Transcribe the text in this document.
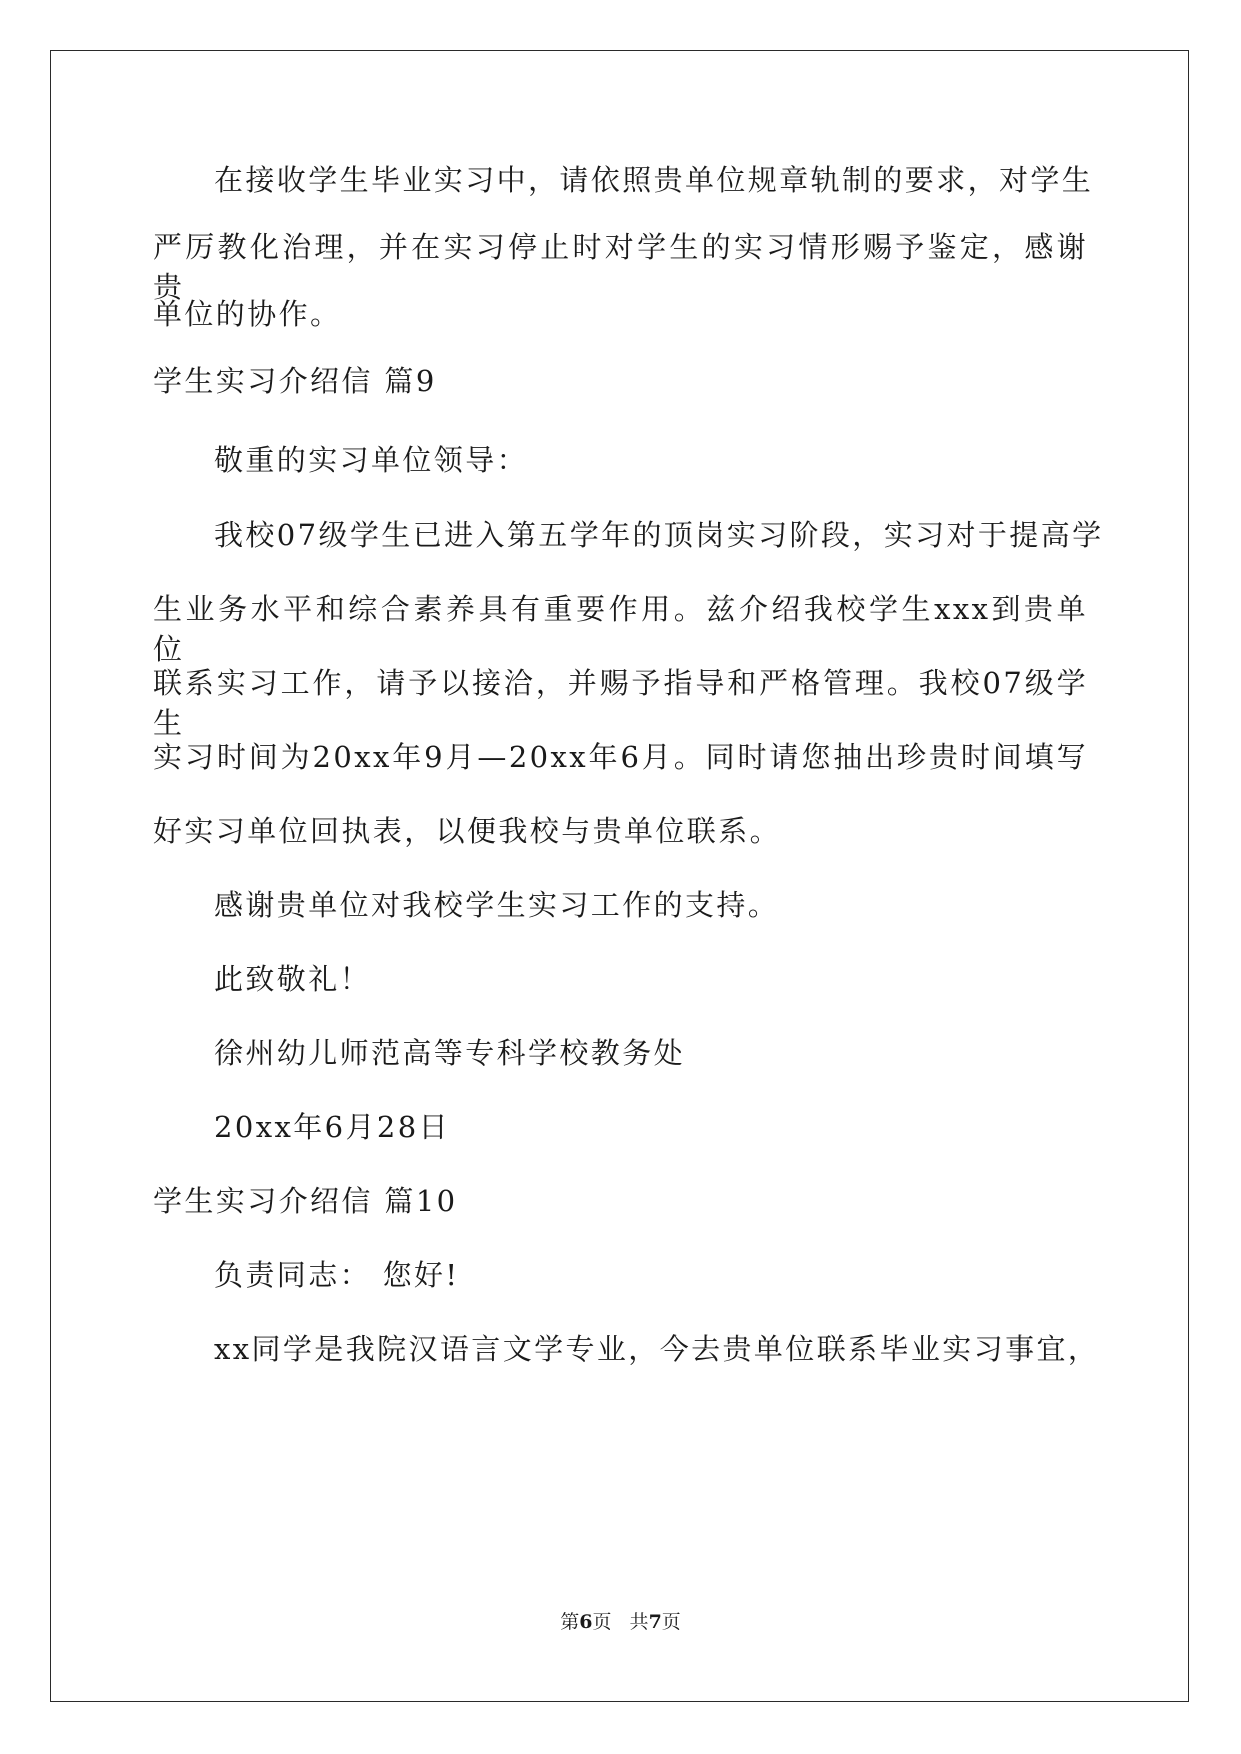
在接收学生毕业实习中，请依照贵单位规章轨制的要求，对学生
严厉教化治理，并在实习停止时对学生的实习情形赐予鉴定，感谢贵
单位的协作。
学生实习介绍信 篇9
敬重的实习单位领导：
我校07级学生已进入第五学年的顶岗实习阶段，实习对于提高学
生业务水平和综合素养具有重要作用。兹介绍我校学生xxx到贵单位
联系实习工作，请予以接洽，并赐予指导和严格管理。我校07级学生
实习时间为20xx年9月—20xx年6月。同时请您抽出珍贵时间填写
好实习单位回执表，以便我校与贵单位联系。
感谢贵单位对我校学生实习工作的支持。
此致敬礼！
徐州幼儿师范高等专科学校教务处
20xx年6月28日
学生实习介绍信 篇10
负责同志： 您好!
xx同学是我院汉语言文学专业，今去贵单位联系毕业实习事宜，
第6页   共7页
